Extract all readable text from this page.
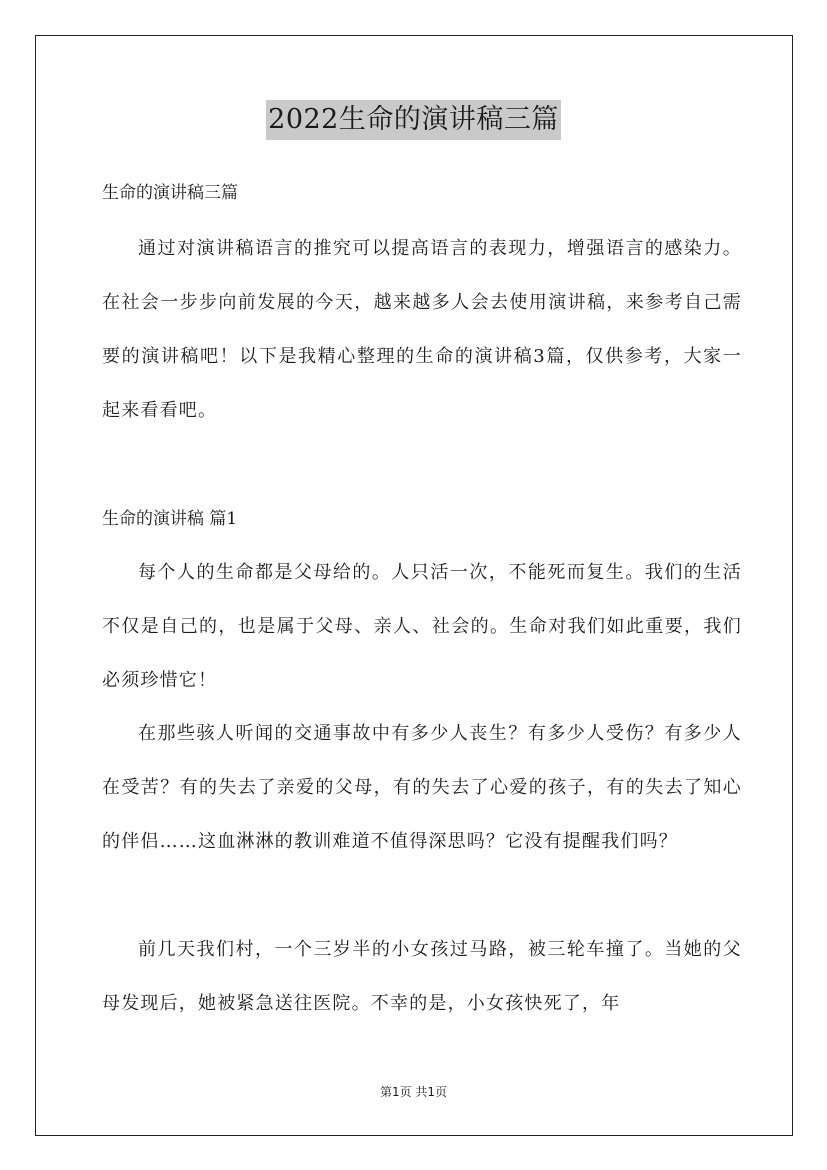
2022生命的演讲稿三篇
生命的演讲稿三篇

通过对演讲稿语言的推究可以提高语言的表现力，增强语言的感染力。在社会一步步向前发展的今天，越来越多人会去使用演讲稿，来参考自己需要的演讲稿吧！以下是我精心整理的生命的演讲稿3篇，仅供参考，大家一起来看看吧。

生命的演讲稿 篇1

每个人的生命都是父母给的。人只活一次，不能死而复生。我们的生活不仅是自己的，也是属于父母、亲人、社会的。生命对我们如此重要，我们必须珍惜它！

在那些骇人听闻的交通事故中有多少人丧生？有多少人受伤？有多少人在受苦？有的失去了亲爱的父母，有的失去了心爱的孩子，有的失去了知心的伴侣……这血淋淋的教训难道不值得深思吗？它没有提醒我们吗？

前几天我们村，一个三岁半的小女孩过马路，被三轮车撞了。当她的父母发现后，她被紧急送往医院。不幸的是，小女孩快死了，年

第1页 共1页
